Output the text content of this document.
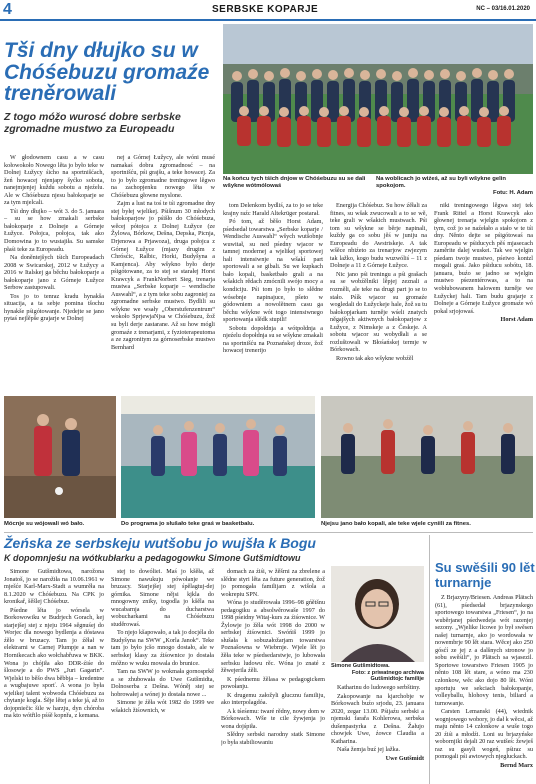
4	SERBSKE KOPARJE	NC – 03/16.01.2020
Tši dny dłujko su w
Chóśebuzu gromaźe
treněrowali
Z togo móžo wurosć dobre serbske
zgromadne mustwo za Europeadu
Na końcu tych tśich dnjow w Chóśebuzu su se dali wšykne wótmólowaś
Na woblicach jo wiźeś, až su byli wšykne gelin spokojom.
Fotu: H. Adam

W głodownem casu a w casu kołowokoło Nowego lěta jo było teke w Dolnej Łužycy śicho na sportnišćach, žeń howacej njenjapy šyćko sobota, nanejmjenjej kuždu sobotu a njeźelu. Ale w Chóśebuzu njesu bałokoparje se za tym mjelcali.

Tśi dny dłujko – wót 3. do 5. januara – su se how zmakali serbske bałokoparje z Dolneje a Górneje Łužyce. Połojca, połojca, tak ako Domowina jo to wustajiła. Su samske płaśi teke za Europeadu.

Na doněntejšych tśich Europeadach 2008 w Swicarskej, 2012 w Łužycy a 2016 w Italskej ga běchu bałokoparje a bałokoparje jano z Górneje Łužyce Serbow zastupowali.

Tos jo to tenraz kradu hynakša situacija, a ta sebje pomina tšochu hynakše pśigótowanje. Njedejte se jano pytaś nejlěpše grajarje w Dolnej

nej a Górnej Łužycy, ale wóni musé namakaś dobra zgromadnosć – na sportnišću, pśi grajšu, a teke howacej. Za to jo było zgromadne treningowe lěgwo na zachopjenku nowego lěta w Chóśebuzu głowne myslone.

Zajm a lust na toś te tśi zgromadne dny stej byłej wjelikej. Pśišnum 30 młodych bałokoparjow jo pśišło do Chóśebuza, wěcej pótojca z Dolnej Łužyce (ze Žylowa, Bórkow, Dešna, Depska, Picnja, Drjenowa a Prjawoza), druga połojca z Górnej Łužyce (mjazy drugim z Chrósćic, Ralbic, Horki, Budyšyna a Kamjenca). Aby wšykno było derje pśigótowane, za to stej se starałej Horst Krawcyk a FrankNorbert Sieg, trenarja mustwa „Serbske koparje – wendische Auswahl“, a z tym teke sobu zagroniej za zgromadne serbske mustwo. Bydlili su wšykne we wsały „Oberstufenzentrum“ wokoło SprjewjaNjsa w Chóśebuzu, žož su byli derje zastarane. Až su how mógli gromaźe z trenarjami, z fyzioterapeutoma a ze zagronitym za górnoserbske mustwo Bernhard

tom Delenkom bydliś, za to jo se teke krajny raźc Harald Altekrüger postarał.

Pó tom, až běšo Horst Adam, pśedsedał towarstwa „Serbske koparje / Wendische Auswahl“ wšych wutšobnje wuwitał, su ned pśedny wjacor w tamnej modernej a wjelikej sportowej hali intensiwnje na wšakí part sportowali a se gibali. Su we kupkach bało kopali, basketbało grali a na wšakich rědach zmócnili swójo mocy a kondiciju. Pśi tom jo było to slědne wósebnje napinajuce, pšeto w gódowniem a nowolětnem casu ga běchu wšykne wót togo intensiwnego sportowanja slědk stupili!

Sobotu dopołdnja a wótpołdnja a njeźelu dopołdnja su se wšykne zmakali na sportnišću na Poznańskej droze, žož howacej trenerijo

Energija Chóśebuz. Su how źěłali za fitnes, su wšak zwucowali a to se wě, teke grali w wšakich mustwach. Pśi tom su wšykne se běrje napinali, kuždy ga co sobu jěś w juniju na Europeadu do Awstriskeje. A tak wšěce nbiźeto za trenarjow zwjezym tak lažko, kogo budu wuzwóliś – 11 z Dolneje a 11 z Górneje Łužyce.

Nic jano pśi treningu a pśi grašach su se wobźělniki lěpjej zeznali a rozměli, ale teke na drugi part jo se to stało. Pśík wjacor su gromaźe wogledali do Łužyckeje hale, žož su tu bałokopjarkam turněje wśeli znatych něgajšych aktiwnych bałokoparjow z Łužyce, z Nimskeje a z Českeje. A sobotu wjacor su wobydłali a se rozluštowali w Błośańskej termje w Bórkowach.

Rowno tak ako wšykne wobźěl

niki treningowego lěgwa stej tek Frank Rittel a Horst Krawcyk ako głownej trenarja wjelgin spokojom z tym, což jo se naźełało a stało w te tśi dny. Něnto dejte se pśigótowaś na Europeadu w pśiducych pěś mjasecach zaměrite dalej wuskei. Tak we wjelgin pśedam twoje mustwo, pśeiwo kontzl mogali graś. Jako pśiducu sobótu, 18. januara, buźo se jadno se wjelgin mustwo pśezentérowas, a to na wobłubowanem halowem turněje we Łužyckej hali. Tam budu grajarje z Dolneje a Górneje Łužyce gromaźe wó pokal srjojowaś.

Horst Adam
Mócnje su wójowali wó bało.	Do programa jo słušało teke graś w basketbalu.	Njejsu jano bało kopali, ale teke wjele cyniili za fitnes.
Žeńska ze serbskeju wutšobu jo wujšła k Bogu
K dopomnjeśu na wótkubłarku a pedagogowku Simone Gutšmidtowu

Simone Gutšmidtowa, narožona Jonatoš, jo se narožiła na 10.06.1961 w mješće Karl-Marx-Stadt a wumrěła na 8.1.2020 w Chóśebuzu. Na CPK jo kronikař, šěšlej Chóśebuz.

Pśedne lěta jo wórsela w Borkowowiku w Budrjech Gorach, kej starjejšej stej z njeju 1964 sěgnuśej do Worjec dla nowego bydlenja a dóstawa źělo w bruzacy. Tam jo źěłał w elektrarni w Carnej Plumpje a nan w Hornikecach ako wołchabřuwa w BKK. Wona jo chójiła ako DDR-źiśe do šlosowje a do PWS „Juri Gagarin“. Wjelski to běšo dwa běbbja – kredentne a wugbajuwe sporť. A wona jo była wjelikej talent wobwoda Chóśebuzu za chytanje kogla. Śěje lětej a teke já, až to dojopniečic šile w harzju, dyn chóroba ma kto wótřilo pśśě kopnřa, z kemana.

stej to dowóliei. Maś jo kšěła, až Simone nawukuju pówołanje we bruzacy. Starjejšej stej śpělagtuj-dej górnika. Simone nějsi kjkla do mnogowny zniky, togodla jo kšěla na wucabarnja do ducharstwa wobucharkami na Chóśebuzu studěrowaś.

To njejo kšapowało, a tak jo docjéla do Budyšyna na SWW „Korla Janok“. Teke tam jo było jcšo mnogo dostało, ale w serbskej klasy za źiśownice jo dostała móžno w wuku mowala do brunice.

Tam na SWW jo wokmała gornosprkě a se zhubowała do Uwe Gutšmidta, Dolnoserba z Dešna. Wóněj stej se hobrowałej a wónej jo dostała nowe ...

Simone je źěła wót 1982 do 1999 we wšakich žiśownich, w

domach za źiśi, w žěšrni za zbrelene a slědne styri lěta za future generation, žož jo pomogała familijam z wišola a wokrepiu SPN.

Wóna jo studěrowała 1996–98 gńětšnu pedagogiku a absolwěrowaše 1997 do 1998 pśeidny Witaj-kurs za źiśownice. W Žylowje jo žěla wót 1998 do 2000 w serbskej źiśownici. Swóńiš 1999 jo słušała k sobuzałožarjam towarstwa Poznašowna w Wiebrnje. Wjele lět jo žěła teke w pśedsedarstwje, jo lubowała serbsku ludowu rěc. Wóna jo znaté z žěwejerila źěli.

K pśednemu žělasa w pedagogickem powołanju.

K drugemu załožyli glucznu familiju, ako interpolagdóa.

A k tśeśemu: twaré rědny, nowy dom w Bórkowach. Wše te cile žywjenja jo wona dojśpiła.

Slědny serbski narodny statk Simone jo była stabiliowaniu

Simone Gutšmidtowa.
Foto: z priwatnego archiwa Gutšmidtojc familije

Katharinu do ludowego serbštiny.

Zakopowanje na kjarchobje w Bórkowach buźo srjodu, 23. januara 2020, zegar 13.00. Pśijaźu serbski a njemski farařa Kohlerowa, serbska dušenpastyrka z Dešna. Žałujo chowjek Uwe, źowce Claudia a Katharina.

Naša žemja buź jej lažka.

Uwe Gutšmidt
Su swěśili 90 lět
turnarnje

Z Brjazyny/Briesen. Andreas Plätsch (61), pśedsedał brjazynskego sportowego towarstwa „Friesen“, jo na wuběrjanej pśedwedeja wót razenjej sezony. „Wjelike licowe jo był swěsen našej turnarnje, ako jo wordowała w nowembrje 90 lět stara. Wěcej ako 250 gósćí ze jej z a dalšnych stronow jo sobu swěśili“, jo Plätsch sa wjasezil. Sportowe towarstwo Friesen 1905 jo něnto 108 lět stare, a wóno ma 230 członkow, wěc ako dojo 80 lět. Wóni sportuju we sekciach bałokopanje, volleyballu, hlohovy tenis, biliard a turnowanje.

Carsten Lemanski (44), wiednik wognjowego wobory, jo dał k wěcsi, až maju něnto 14 członkow a wuše togo 20 źiśi a młodźi. Loni su brjazyńske wobornjiki dejali 20 raz wutšeś: žewješ raz su gasyli wogeń, pśiraz su pomogali pśi awtowych njegluckach.

Bernd Marx
